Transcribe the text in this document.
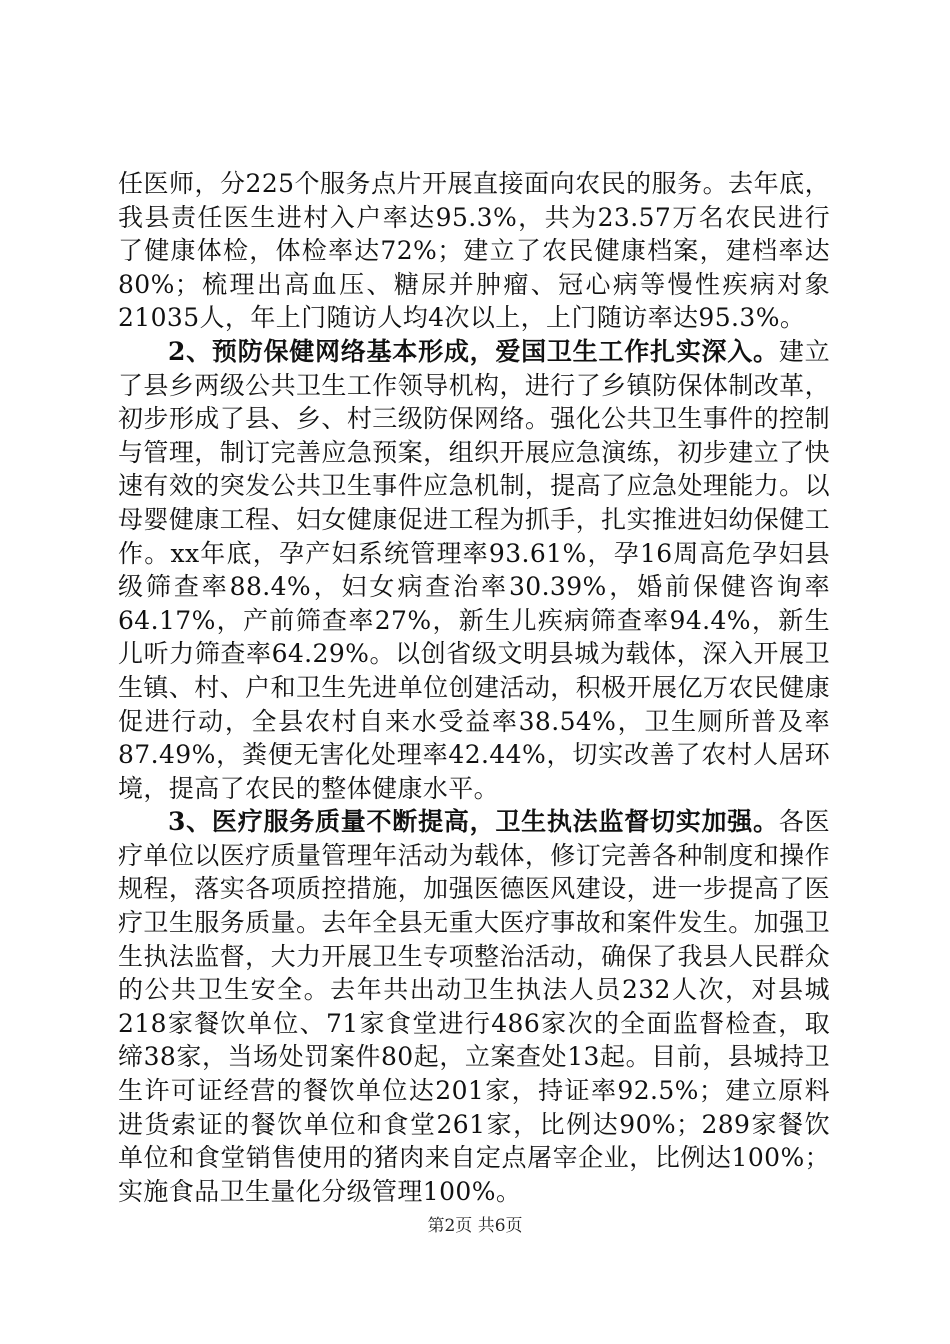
任医师，分225个服务点片开展直接面向农民的服务。去年底，我县责任医生进村入户率达95.3%，共为23.57万名农民进行了健康体检，体检率达72%；建立了农民健康档案，建档率达80%；梳理出高血压、糖尿并肿瘤、冠心病等慢性疾病对象21035人，年上门随访人均4次以上，上门随访率达95.3%。

2、预防保健网络基本形成，爱国卫生工作扎实深入。建立了县乡两级公共卫生工作领导机构，进行了乡镇防保体制改革，初步形成了县、乡、村三级防保网络。强化公共卫生事件的控制与管理，制订完善应急预案，组织开展应急演练，初步建立了快速有效的突发公共卫生事件应急机制，提高了应急处理能力。以母婴健康工程、妇女健康促进工程为抓手，扎实推进妇幼保健工作。xx年底，孕产妇系统管理率93.61%，孕16周高危孕妇县级筛查率88.4%，妇女病查治率30.39%，婚前保健咨询率64.17%，产前筛查率27%，新生儿疾病筛查率94.4%，新生儿听力筛查率64.29%。以创省级文明县城为载体，深入开展卫生镇、村、户和卫生先进单位创建活动，积极开展亿万农民健康促进行动，全县农村自来水受益率38.54%，卫生厕所普及率87.49%，粪便无害化处理率42.44%，切实改善了农村人居环境，提高了农民的整体健康水平。

3、医疗服务质量不断提高，卫生执法监督切实加强。各医疗单位以医疗质量管理年活动为载体，修订完善各种制度和操作规程，落实各项质控措施，加强医德医风建设，进一步提高了医疗卫生服务质量。去年全县无重大医疗事故和案件发生。加强卫生执法监督，大力开展卫生专项整治活动，确保了我县人民群众的公共卫生安全。去年共出动卫生执法人员232人次，对县城218家餐饮单位、71家食堂进行486家次的全面监督检查，取缔38家，当场处罚案件80起，立案查处13起。目前，县城持卫生许可证经营的餐饮单位达201家，持证率92.5%；建立原料进货索证的餐饮单位和食堂261家，比例达90%；289家餐饮单位和食堂销售使用的猪肉来自定点屠宰企业，比例达100%；实施食品卫生量化分级管理100%。

第2页 共6页
